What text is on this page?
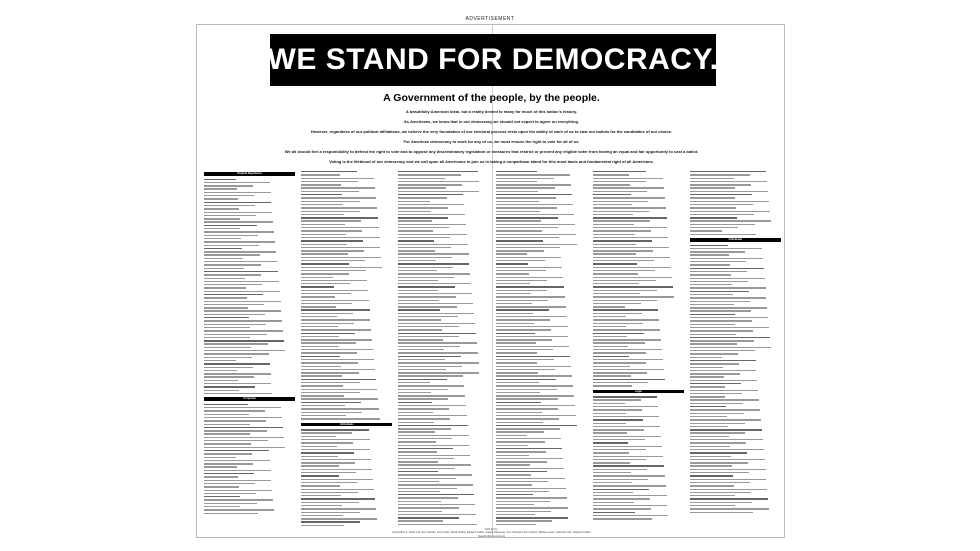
ADVERTISEMENT
WE STAND FOR DEMOCRACY.
A Government of the people, by the people.

A beautifully American ideal, but a reality denied to many for much of this nation's history.

As Americans, we know that in our democracy we should not expect to agree on everything.

However, regardless of our political affiliations, we believe the very foundation of our electoral process rests upon the ability of each of us to cast our ballots for the candidates of our choice.

For American democracy to work for any of us, we must ensure the right to vote for all of us.

We all should feel a responsibility to defend the right to vote and to oppose any discriminatory legislation or measures that restrict or prevent any eligible voter from having an equal and fair opportunity to cast a ballot.

Voting is the lifeblood of our democracy and we call upon all Americans to join us in taking a nonpartisan stand for this most basic and fundamental right of all Americans.

Original Signatories
Corporate
Individuals
Legal
Individuals
Paid for by:
Ursula Burns, Stella Low, Ken Jacobs, Joel Cutler, David Hallow, Edward Fedlitt, Joseph Hausman, Ken Chenault, Ken Frazier, William Lewis, Clarence Otis, Charles Phillips
StandforDemocracy.org
